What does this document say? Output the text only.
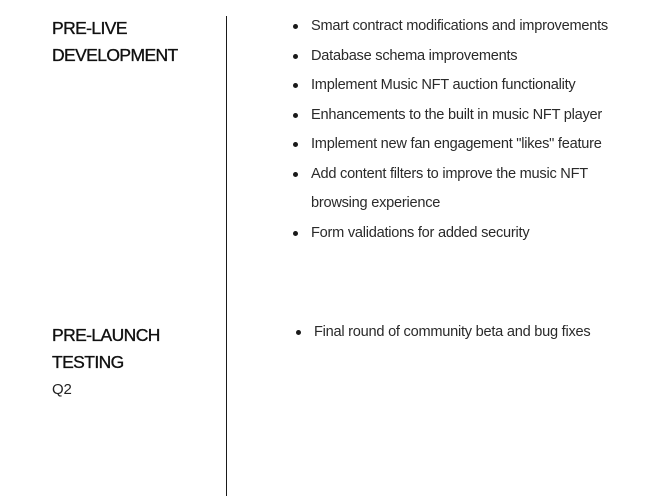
PRE-LIVE
DEVELOPMENT
Smart contract modifications and improvements
Database schema improvements
Implement Music NFT auction functionality
Enhancements to the built in music NFT player
Implement new fan engagement "likes" feature
Add content filters to improve the music NFT
browsing experience
Form validations for added security
PRE-LAUNCH
TESTING
Q2
Final round of community beta and bug fixes
